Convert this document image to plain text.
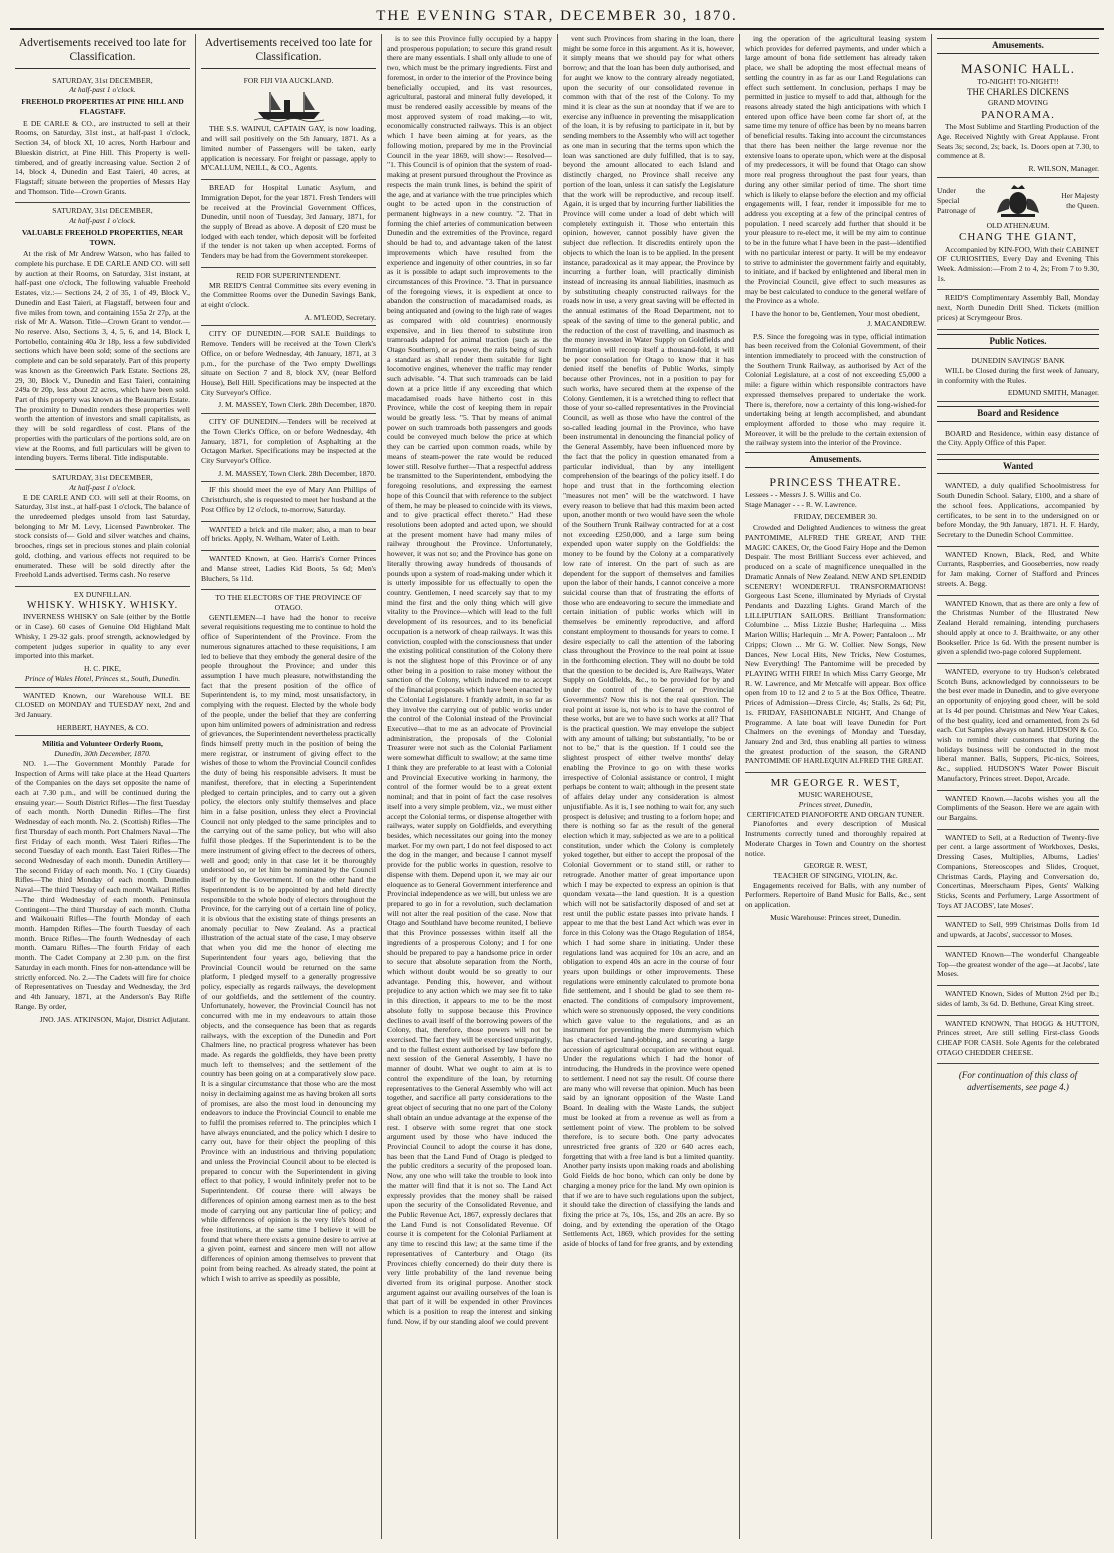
THE EVENING STAR, DECEMBER 30, 1870.
Advertisements received too late for Classification.
SATURDAY, 31st DECEMBER,
At half-past 1 o'clock.
FREEHOLD PROPERTIES AT PINE HILL AND FLAGSTAFF.

E DE CARLE & CO., are instructed to sell at their Rooms, on Saturday, 31st inst., at half-past 1 o'clock, Section 34, of block XI, 10 acres, North Harbour and Blueskin district, at Pine Hill. This Property is well-timbered, and of greatly increasing value. Section 2 of 14, block 4, Dunedin and East Taieri, 40 acres, at Flagstaff; situate between the properties of Messrs Hay and Thomson. Title—Crown Grants.

SATURDAY, 31st DECEMBER,
At half-past 1 o'clock.
VALUABLE FREEHOLD PROPERTIES, NEAR TOWN.

At the risk of Mr Andrew Watson, who has failed to complete his purchase. E DE CARLE AND CO. will sell by auction at their Rooms, on Saturday, 31st instant, at half-past one o'clock, The following valuable Freehold Estates, viz.:— Sections 24, 2 of 35, 1 of 49, Block V., Dunedin and East Taieri, at Flagstaff, between four and five miles from town, and containing 155a 2r 27p, at the risk of Mr A. Watson. Title—Crown Grant to vendor.—No reserve. Also, Sections 3, 4, 5, 6, and 14, Block I, Portobello, containing 40a 3r 18p, less a few subdivided sections which have been sold; some of the sections are complete and can be sold separately. Part of this property was known as the Greenwich Park Estate. Sections 28, 29, 30, Block V., Dunedin and East Taieri, containing 249a 0r 20p, less about 22 acres, which have been sold. Part of this property was known as the Beaumaris Estate. The proximity to Dunedin renders these properties well worth the attention of investors and small capitalists, as they will be sold regardless of cost. Plans of the properties with the particulars of the portions sold, are on view at the Rooms, and full particulars will be given to intending buyers. Terms liberal. Title indisputable.

SATURDAY, 31st DECEMBER,
At half-past 1 o'clock.

E DE CARLE AND CO. will sell at their Rooms, on Saturday, 31st inst., at half-past 1 o'clock, The balance of the unredeemed pledges unsold from last Saturday, belonging to Mr M. Levy, Licensed Pawnbroker. The stock consists of— Gold and silver watches and chains, brooches, rings set in precious stones and plain colonial gold, clothing, and various effects not required to be enumerated. These will be sold directly after the Freehold Lands advertised. Terms cash. No reserve

EX DUNFILLAN.
WHISKY. WHISKY. WHISKY.

INVERNESS WHISKY on Sale (either by the Bottle or in Case). 60 cases of Genuine Old Highland Malt Whisky, 1 29-32 gals. proof strength, acknowledged by competent judges superior in quality to any ever imported into this market.

H. C. PIKE,
Prince of Wales Hotel, Princes st., South, Dunedin.

WANTED Known, our Warehouse WILL BE CLOSED on MONDAY and TUESDAY next, 2nd and 3rd January.

HERBERT, HAYNES, & CO.
Militia and Volunteer Orderly Room,
Dunedin, 30th December, 1870.

NO. 1.—The Government Monthly Parade for Inspection of Arms will take place at the Head Quarters of the Companies on the days set opposite the name of each at 7.30 p.m., and will be continued during the ensuing year:— South District Rifles—The first Tuesday of each month. North Dunedin Rifles—The first Wednesday of each month. No. 2. (Scottish) Rifles—The first Thursday of each month. Port Chalmers Naval—The first Friday of each month. West Taieri Rifles—The second Tuesday of each month. East Taieri Rifles—The second Wednesday of each month. Dunedin Artillery—The second Friday of each month. No. 1 (City Guards) Rifles—The third Monday of each month. Dunedin Naval—The third Tuesday of each month. Waikari Rifles—The third Wednesday of each month. Peninsula Contingent—The third Thursday of each month. Clutha and Waikouaiti Rifles—The fourth Monday of each month. Hampden Rifles—The fourth Tuesday of each month. Bruce Rifles—The fourth Wednesday of each month. Oamaru Rifles—The fourth Friday of each month. The Cadet Company at 2.30 p.m. on the first Saturday in each month. Fines for non-attendance will be strictly enforced. No. 2.—The Cadets will fire for choice of Representatives on Tuesday and Wednesday, the 3rd and 4th January, 1871, at the Anderson's Bay Rifle Range. By order,

JNO. JAS. ATKINSON, Major, District Adjutant.
Advertisements received too late for Classification.
FOR FIJI VIA AUCKLAND.

THE S.S. WAINUI, CAPTAIN GAY, is now loading, and will sail positively on the 5th January, 1871. As a limited number of Passengers will be taken, early application is necessary. For freight or passage, apply to M'CALLUM, NEILL, & CO., Agents.

BREAD for Hospital Lunatic Asylum, and Immigration Depot, for the year 1871. Fresh Tenders will be received at the Provincial Government Offices, Dunedin, until noon of Tuesday, 3rd January, 1871, for the supply of Bread as above. A deposit of £20 must be lodged with each tender, which deposit will be forfeited if the tender is not taken up when accepted. Forms of Tenders may be had from the Government storekeeper.

REID FOR SUPERINTENDENT.

MR REID'S Central Committee sits every evening in the Committee Rooms over the Dunedin Savings Bank, at eight o'clock.

A. M'LEOD, Secretary.

CITY OF DUNEDIN.—FOR SALE Buildings to Remove. Tenders will be received at the Town Clerk's Office, on or before Wednesday, 4th January, 1871, at 3 p.m., for the purchase of the Two empty Dwellings situate on Section 7 and 8, block XV, (near Belford House), Bell Hill. Specifications may be inspected at the City Surveyor's Office.

J. M. MASSEY, Town Clerk. 28th December, 1870.

CITY OF DUNEDIN.—Tenders will be received at the Town Clerk's Office, on or before Wednesday, 4th January, 1871, for completion of Asphalting at the Octagon Market. Specifications may be inspected at the City Surveyor's Office.

J. M. MASSEY, Town Clerk. 28th December, 1870.

IF this should meet the eye of Mary Ann Phillips of Christchurch, she is requested to meet her husband at the Post Office by 12 o'clock, to-morrow, Saturday.

WANTED a brick and tile maker; also, a man to bear off bricks. Apply, N. Welham, Water of Leith.

WANTED Known, at Geo. Harris's Corner Princes and Manse street, Ladies Kid Boots, 5s 6d; Men's Bluchers, 5s 11d.

TO THE ELECTORS OF THE PROVINCE OF OTAGO.

GENTLEMEN—I have had the honor to receive several requisitions requesting me to continue to hold the office of Superintendent of the Province. From the numerous signatures attached to these requisitions, I am led to believe that they embody the general desire of the people throughout the Province; and under this assumption I have much pleasure, notwithstanding the fact that the present position of the office of Superintendent is, to my mind, most unsatisfactory, in complying with the request. Elected by the whole body of the people, under the belief that they are conferring upon him unlimited powers of administration and redress of grievances, the Superintendent nevertheless practically finds himself pretty much in the position of being the mere registrar, or instrument of giving effect to the wishes of those to whom the Provincial Council confides the duty of being his responsible advisers. It must be manifest, therefore, that in electing a Superintendent pledged to certain principles, and to carry out a given policy, the electors only stultify themselves and place him in a false position, unless they elect a Provincial Council not only pledged to the same principles and to the carrying out of the same policy, but who will also fulfil those pledges. If the Superintendent is to be the mere instrument of giving effect to the decrees of others, well and good; only in that case let it be thoroughly understood so, or let him be nominated by the Council itself or by the Government. If on the other hand the Superintendent is to be appointed by and held directly responsible to the whole body of electors throughout the Province, for the carrying out of a certain line of policy, it is obvious that the existing state of things presents an anomaly peculiar to New Zealand. As a practical illustration of the actual state of the case, I may observe that when you did me the honor of electing me Superintendent four years ago, believing that the Provincial Council would be returned on the same platform, I pledged myself to a generally progressive policy, especially as regards railways, the development of our goldfields, and the settlement of the country. Unfortunately, however, the Provincial Council has not concurred with me in my endeavours to attain those objects, and the consequence has been that as regards railways, with the exception of the Dunedin and Port Chalmers line, no practical progress whatever has been made. As regards the goldfields, they have been pretty much left to themselves; and the settlement of the country has been going on at a comparatively slow pace. It is a singular circumstance that those who are the most noisy in declaiming against me as having broken all sorts of promises, are also the most loud in denouncing my endeavors to induce the Provincial Council to enable me to fulfil the promises referred to. The principles which I have always enunciated, and the policy which I desire to carry out, have for their object the peopling of this Province with an industrious and thriving population; and unless the Provincial Council about to be elected is prepared to concur with the Superintendent in giving effect to that policy, I would infinitely prefer not to be Superintendent. Of course there will always be differences of opinion among earnest men as to the best mode of carrying out any particular line of policy; and while differences of opinion is the very life's blood of free institutions, at the same time I believe it will be found that where there exists a genuine desire to arrive at a given point, earnest and sincere men will not allow differences of opinion among themselves to prevent that point from being reached. As already stated, the point at which I wish to arrive as speedily as possible,

is to see this Province fully occupied by a happy and prosperous population; to secure this grand result there are many essentials. I shall only allude to one of two, which must be the primary ingredients. First and foremost, in order to the interior of the Province being beneficially occupied, and its vast resources, agricultural, pastoral and mineral fully developed, it must be rendered easily accessible by means of the most approved system of road making,—to wit, economically constructed railways. This is an object which I have been aiming at for years, as the following motion, prepared by me in the Provincial Council in the year 1869, will show:— Resolved— "1. This Council is of opinion that the system of road-making at present pursued throughout the Province as respects the main trunk lines, is behind the spirit of the age, and at variance with the true principles which ought to be acted upon in the construction of permanent highways in a new country. "2. That in forming the chief arteries of communication between Dunedin and the extremities of the Province, regard should be had to, and advantage taken of the latest improvements which have resulted from the experience and ingenuity of other countries, in so far as it is possible to adapt such improvements to the circumstances of this Province. "3. That in pursuance of the foregoing views, it is expedient at once to abandon the construction of macadamised roads, as being antiquated and (owing to the high rate of wages as compared with old countries) enormously expensive, and in lieu thereof to substitute iron tramroads adapted for animal traction (such as the Otago Southern), or as power, the rails being of such a standard as shall render them suitable for light locomotive engines, whenever the traffic may render such advisable. "4. That such tramroads can be laid down at a price little if any exceeding that which macadamised roads have hitherto cost in this Province, while the cost of keeping them in repair would be greatly less. "5. That by means of animal power on such tramroads both passengers and goods could be conveyed much below the price at which they can be carried upon common roads, while by means of steam-power the rate would be reduced lower still. Resolve further—That a respectful address be transmitted to the Superintendent, embodying the foregoing resolutions, and expressing the earnest hope of this Council that with reference to the subject of them, he may be pleased to coincide with its views, and to give practical effect thereto." Had these resolutions been adopted and acted upon, we should at the present moment have had many miles of railway throughout the Province. Unfortunately, however, it was not so; and the Province has gone on literally throwing away hundreds of thousands of pounds upon a system of road-making under which it is utterly impossible for us effectually to open the country. Gentlemen, I need scarcely say that to my mind the first and the only thing which will give vitality to the Province—which will lead to the full development of its resources, and to its beneficial occupation is a network of cheap railways. It was this conviction, coupled with the consciousness that under the existing political constitution of the Colony there is not the slightest hope of this Province or of any other being in a position to raise money without the sanction of the Colony, which induced me to accept of the financial proposals which have been enacted by the Colonial Legislature. I frankly admit, in so far as they involve the carrying out of public works under the control of the Colonial instead of the Provincial Executive—that to me as an advocate of Provincial administration, the proposals of the Colonial Treasurer were not such as the Colonial Parliament were somewhat difficult to swallow; at the same time I think they are preferable to at least with a Colonial and Provincial Executive working in harmony, the control of the former would be to a great extent nominal; and that in point of fact the case resolves itself into a very simple problem, viz., we must either accept the Colonial terms, or dispense altogether with railways, water supply on Goldfields, and everything besides, which necessitates our going into the money market. For my own part, I do not feel disposed to act the dog in the manger, and because I cannot myself provide for the public works in question, resolve to dispense with them. Depend upon it, we may air our eloquence as to General Government interference and Provincial independence as we will, but unless we are prepared to go in for a revolution, such declamation will not alter the real position of the case. Now that Otago and Southland have become reunited, I believe that this Province possesses within itself all the ingredients of a prosperous Colony; and I for one should be prepared to pay a handsome price in order to secure that absolute separation from the North, which without doubt would be so greatly to our advantage. Pending this, however, and without prejudice to any action which we may see fit to take in this direction, it appears to me to be the most absolute folly to suppose because this Province declines to avail itself of the borrowing powers of the Colony, that, therefore, those powers will not be exercised. The fact they will be exercised unsparingly, and to the fullest extent authorised by law before the next session of the General Assembly, I have no manner of doubt. What we ought to aim at is to control the expenditure of the loan, by returning representatives to the General Assembly who will act together, and sacrifice all party considerations to the great object of securing that no one part of the Colony shall obtain an undue advantage at the expense of the rest. I observe with some regret that one stock argument used by those who have induced the Provincial Council to adopt the course it has done, has been that the Land Fund of Otago is pledged to the public creditors a security of the proposed loan. Now, any one who will take the trouble to look into the matter will find that it is not so. The Land Act expressly provides that the money shall be raised upon the security of the Consolidated Revenue, and the Public Revenue Act, 1867, expressly declares that the Land Fund is not Consolidated Revenue. Of course it is competent for the Colonial Parliament at any time to rescind this law; at the same time if the representatives of Canterbury and Otago (its Provinces chiefly concerned) do their duty there is very little probability of the land revenue being diverted from its original purpose. Another stock argument against our availing ourselves of the loan is that part of it will be expended in other Provinces which is a position to reap the interest and sinking fund. Now, if by our standing aloof we could prevent

vent such Provinces from sharing in the loan, there might be some force in this argument. As it is, however, it simply means that we should pay for what others borrow; and that the loan has been duly authorised, and for aught we know to the contrary already negotiated, upon the security of our consolidated revenue in common with that of the rest of the Colony. To my mind it is clear as the sun at noonday that if we are to exercise any influence in preventing the misapplication of the loan, it is by refusing to participate in it, but by sending members to the Assembly who will act together as one man in securing that the terms upon which the loan was sanctioned are duly fulfilled, that is to say, beyond the amount allocated to each Island and distinctly charged, no Province shall receive any portion of the loan, unless it can satisfy the Legislature that the work will be reproductive, and recoup itself. Again, it is urged that by incurring further liabilities the Province will come under a load of debt which will completely extinguish it. Those who entertain this opinion, however, cannot possibly have given the subject due reflection. It discredits entirely upon the objects to which the loan is to be applied. In the present instance, paradoxical as it may appear, the Province by incurring a further loan, will practically diminish instead of increasing its annual liabilities, inasmuch as by substituting cheaply constructed railways for the roads now in use, a very great saving will be effected in the annual estimates of the Road Department, not to speak of the saving of time to the general public, and the reduction of the cost of travelling, and inasmuch as the money invested in Water Supply on Goldfields and Immigration will recoup itself a thousand-fold, it will be poor consolation for Otago to know that it has denied itself the benefits of Public Works, simply because other Provinces, not in a position to pay for such works, have secured them at the expense of the Colony. Gentlemen, it is a wretched thing to reflect that those of your so-called representatives in the Provincial Council, as well as those who have the control of the so-called leading journal in the Province, who have been instrumental in denouncing the financial policy of the General Assembly, have been influenced more by the fact that the policy in question emanated from a particular individual, than by any intelligent comprehension of the bearings of the policy itself. I do hope and trust that in the forthcoming election "measures not men" will be the watchword. I have every reason to believe that had this maxim been acted upon, another month or two would have seen the whole of the Southern Trunk Railway contracted for at a cost not exceeding £250,000, and a large sum being expended upon water supply on the Goldfields: the money to be found by the Colony at a comparatively low rate of interest. On the part of such as are dependent for the support of themselves and families upon the labor of their hands, I cannot conceive a more suicidal course than that of frustrating the efforts of those who are endeavoring to secure the immediate and certain initiation of public works which will in themselves be eminently reproductive, and afford constant employment to thousands for years to come. I desire especially to call the attention of the laboring class throughout the Province to the real point at issue in the forthcoming election. They will no doubt be told that the question to be decided is, Are Railways, Water Supply on Goldfields, &c., to be provided for by and under the control of the General or Provincial Governments? Now this is not the real question. The real point at issue is, not who is to have the control of these works, but are we to have such works at all? That is the practical question. We may envelope the subject with any amount of talking; but substantially, "to be or not to be," that is the question. If I could see the slightest prospect of either twelve months' delay enabling the Province to go on with these works irrespective of Colonial assistance or control, I might perhaps be content to wait; although in the present state of affairs delay under any consideration is almost unjustifiable. As it is, I see nothing to wait for, any such prospect is delusive; and trusting to a forlorn hope; and there is nothing so far as the result of the general election which it may, subjected as we are to a political constitution, under which the Colony is completely yoked together, but either to accept the proposal of the Colonial Government or to stand still, or rather to retrograde. Another matter of great importance upon which I may be expected to express an opinion is that quondam vexata—the land question. It is a question which will not be satisfactorily disposed of and set at rest until the public estate passes into private hands. I appear to me that the best Land Act which was ever in force in this Colony was the Otago Regulation of 1854, which I had some share in initiating. Under these regulations land was acquired for 10s an acre, and an obligation to expend 40s an acre in the course of four years upon buildings or other improvements. These regulations were eminently calculated to promote bona fide settlement, and I should be glad to see them re-enacted. The conditions of compulsory improvement, which were so strenuously opposed, the very conditions which gave value to the regulations, and as an instrument for preventing the mere dummyism which has characterised land-jobbing, and securing a large accession of agricultural occupation are without equal. Under the regulations which I had the honor of introducing, the Hundreds in the province were opened to settlement. I need not say the result. Of course there are many who will reverse that opinion. Much has been said by an ignorant opposition of the Waste Land Board. In dealing with the Waste Lands, the subject must be looked at from a revenue as well as from a settlement point of view. The problem to be solved therefore, is to secure both. One party advocates unrestricted free grants of 320 or 640 acres each, forgetting that with a free land is but a limited quantity. Another party insists upon making roads and abolishing Gold Fields de hoc bono, which can only be done by charging a money price for the land. My own opinion is that if we are to have such regulations upon the subject, it should take the direction of classifying the lands and fixing the price at 7s, 10s, 15s, and 20s an acre. By so doing, and by extending the operation of the Otago Settlements Act, 1869, which provides for the setting aside of blocks of land for free grants, and by extending

ing the operation of the agricultural leasing system which provides for deferred payments, and under which a large amount of bona fide settlement has already taken place, we shall be adopting the most effectual means of settling the country in as far as our Land Regulations can effect such settlement. In conclusion, perhaps I may be permitted in justice to myself to add that, although for the reasons already stated the high anticipations with which I entered upon office have been come far short of, at the same time my tenure of office has been by no means barren of beneficial results. Taking into account the circumstances that there has been neither the large revenue nor the extensive loans to operate upon, which were at the disposal of my predecessors, it will be found that Otago can show more real progress throughout the past four years, than during any other similar period of time. The short time which is likely to elapse before the election and my official engagements will, I fear, render it impossible for me to address you excepting at a few of the principal centres of population. I need scarcely add further that should it be your pleasure to re-elect me, it will be my aim to continue to be in the future what I have been in the past—identified with no particular interest or party. It will be my endeavor to strive to administer the government fairly and equitably, to initiate, and if backed by enlightened and liberal men in the Provincial Council, give effect to such measures as may be best calculated to conduce to the general welfare of the Province as a whole.

I have the honor to be, Gentlemen, Your most obedient,
J. MACANDREW.

P.S. Since the foregoing was in type, official intimation has been received from the Colonial Government, of their intention immediately to proceed with the construction of the Southern Trunk Railway, as authorised by Act of the Colonial Legislature, at a cost of not exceeding £5,000 a mile: a figure within which responsible contractors have expressed themselves prepared to undertake the work. There is, therefore, now a certainty of this long-wished-for undertaking being at length accomplished, and abundant employment afforded to those who may require it. Moreover, it will be the prelude to the certain extension of the railway system into the interior of the Province.

Amusements.
PRINCESS THEATRE.
Lessees - - Messrs J. S. Willis and Co.
Stage Manager - - - R. W. Lawrence.
FRIDAY, DECEMBER 30.

Crowded and Delighted Audiences to witness the great PANTOMIME, ALFRED THE GREAT, AND THE MAGIC CAKES, Or, the Good Fairy Hope and the Demon Despair. The most Brilliant Success ever achieved, and produced on a scale of magnificence unequalled in the Dramatic Annals of New Zealand. NEW AND SPLENDID SCENERY! WONDERFUL TRANSFORMATIONS! Gorgeous Last Scene, illuminated by Myriads of Crystal Pendants and Dazzling Lights. Grand March of the LILLIPUTIAN SAILORS. Brilliant Transformation: Columbine ... Miss Lizzie Bushe; Harlequina ... Miss Marion Willis; Harlequin ... Mr A. Power; Pantaloon ... Mr Cripps; Clown ... Mr G. W. Collier. New Songs, New Dances, New Local Hits, New Tricks, New Costumes, New Everything! The Pantomime will be preceded by PLAYING WITH FIRE! In which Miss Carry George, Mr R. W. Lawrence, and Mr Metcalfe will appear. Box office open from 10 to 12 and 2 to 5 at the Box Office, Theatre. Prices of Admission—Dress Circle, 4s; Stalls, 2s 6d; Pit, 1s. FRIDAY, FASHIONABLE NIGHT, And Change of Programme. A late boat will leave Dunedin for Port Chalmers on the evenings of Monday and Tuesday, January 2nd and 3rd, thus enabling all parties to witness the greatest production of the season, the GRAND PANTOMIME OF HARLEQUIN ALFRED THE GREAT.

MR GEORGE R. WEST,
MUSIC WAREHOUSE,
Princes street, Dunedin,
CERTIFICATED PIANOFORTE AND ORGAN TUNER.

Pianofortes and every description of Musical Instruments correctly tuned and thoroughly repaired at Moderate Charges in Town and Country on the shortest notice.

GEORGE R. WEST,
TEACHER OF SINGING, VIOLIN, &c.

Engagements received for Balls, with any number of Performers. Repertoire of Band Music for Balls, &c., sent on application.

Music Warehouse: Princes street, Dunedin.
Amusements.
MASONIC HALL.
TO-NIGHT! TO-NIGHT!!
THE CHARLES DICKENS
GRAND MOVING
PANORAMA.

The Most Sublime and Startling Production of the Age. Received Nightly with Great Applause. Front Seats 3s; second, 2s; back, 1s. Doors open at 7.30, to commence at 8.

R. WILSON, Manager.
Under the Special Patronage of
Her Majesty the Queen.
OLD ATHENÆUM.
CHANG THE GIANT,

Accompanied by KIN-FOO, With their CABINET OF CURIOSITIES, Every Day and Evening This Week. Admission:—From 2 to 4, 2s; From 7 to 9.30, 1s.

REID'S Complimentary Assembly Ball, Monday next, North Dunedin Drill Shed. Tickets (million prices) at Scrymgeour Bros.

Public Notices.
DUNEDIN SAVINGS' BANK

WILL be Closed during the first week of January, in conformity with the Rules.

EDMUND SMITH, Manager.
Board and Residence

BOARD and Residence, within easy distance of the City. Apply Office of this Paper.

Wanted

WANTED, a duly qualified Schoolmistress for South Dunedin School. Salary, £100, and a share of the school fees. Applications, accompanied by certificates, to be sent in to the undersigned on or before Monday, the 9th January, 1871. H. F. Hardy, Secretary to the Dunedin School Committee.

WANTED Known, Black, Red, and White Currants, Raspberries, and Gooseberries, now ready for Jam making. Corner of Stafford and Princes streets. A. Begg.

WANTED Known, that as there are only a few of the Christmas Number of the Illustrated New Zealand Herald remaining, intending purchasers should apply at once to J. Braithwaite, or any other Bookseller. Price 1s 6d. With the present number is given a splendid two-page colored Supplement.

WANTED, everyone to try Hudson's celebrated Scotch Buns, acknowledged by connoisseurs to be the best ever made in Dunedin, and to give everyone an opportunity of enjoying good cheer, will be sold at 1s 4d per pound. Christmas and New Year Cakes, of the best quality, iced and ornamented, from 2s 6d each. Cut Samples always on hand. HUDSON & Co. wish to remind their customers that during the holidays business will be conducted in the most liberal manner. Balls, Suppers, Pic-nics, Soirees, &c., supplied. HUDSON'S Water Power Biscuit Manufactory, Princes street. Depot, Arcade.

WANTED Known.—Jacobs wishes you all the Compliments of the Season. Here we are again with our Bargains.

WANTED to Sell, at a Reduction of Twenty-five per cent. a large assortment of Workboxes, Desks, Dressing Cases, Multiplies, Albums, Ladies' Companions, Stereoscopes and Slides, Croquet, Christmas Cards, Playing and Conversation do, Concertinas, Meerschaum Pipes, Gents' Walking Sticks, Scents and Perfumery, Large Assortment of Toys AT JACOBS', late Moses'.

WANTED to Sell, 999 Christmas Dolls from 1d and upwards, at Jacobs', successor to Moses.

WANTED Known—The wonderful Changeable Top—the greatest wonder of the age—at Jacobs', late Moses.

WANTED Known, Sides of Mutton 2½d per lb.; sides of lamb, 3s 6d. D. Bethune, Great King street.

WANTED KNOWN, That HOGG & HUTTON, Princes street, Are still selling First-class Goods CHEAP FOR CASH. Sole Agents for the celebrated OTAGO CHEDDER CHEESE.

(For continuation of this class of advertisements, see page 4.)
